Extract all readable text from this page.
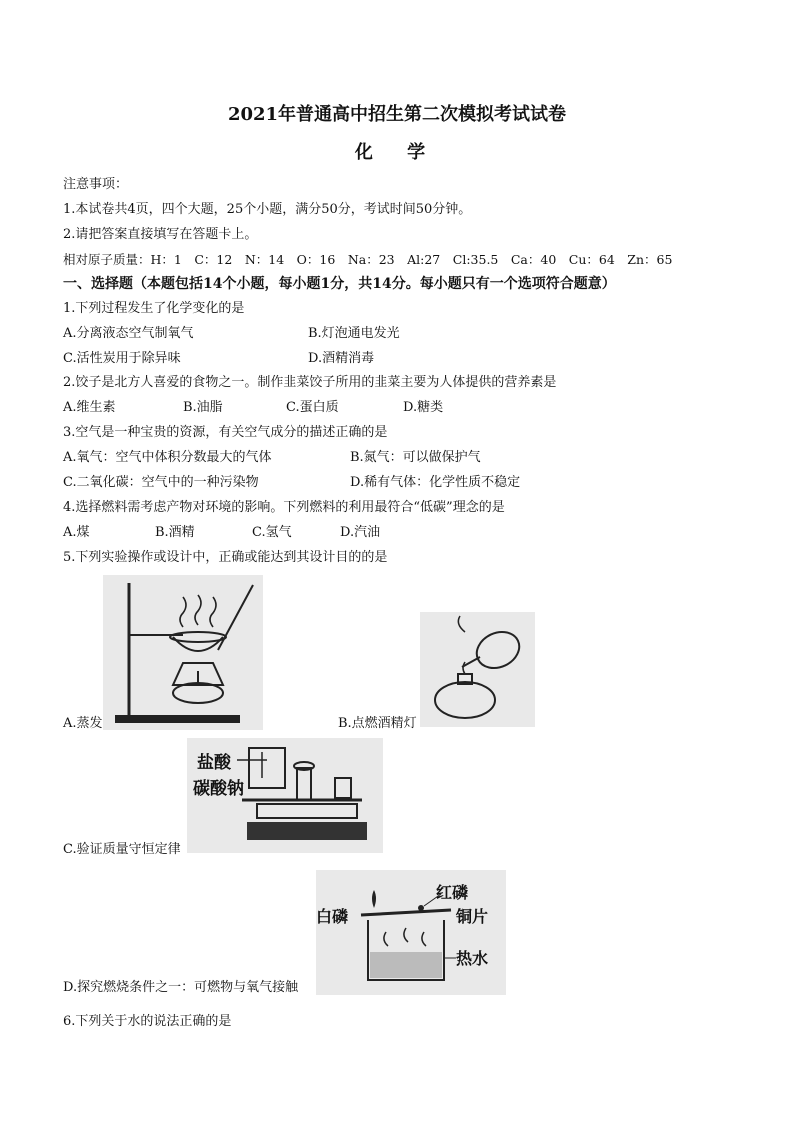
2021年普通高中招生第二次模拟考试试卷
化 学
注意事项：
1.本试卷共4页，四个大题，25个小题，满分50分，考试时间50分钟。
2.请把答案直接填写在答题卡上。
相对原子质量：H：1　C：12　N：14　O：16　Na：23　Al:27　Cl:35.5　Ca：40　Cu：64　Zn：65
一、选择题（本题包括14个小题，每小题1分，共14分。每小题只有一个选项符合题意）
1.下列过程发生了化学变化的是
A.分离液态空气制氧气	B.灯泡通电发光
C.活性炭用于除异味	D.酒精消毒
2.饺子是北方人喜爱的食物之一。制作韭菜饺子所用的韭菜主要为人体提供的营养素是
A.维生素	B.油脂	C.蛋白质	D.糖类
3.空气是一种宝贵的资源，有关空气成分的描述正确的是
A.氧气：空气中体积分数最大的气体	B.氮气：可以做保护气
C.二氧化碳：空气中的一种污染物	D.稀有气体：化学性质不稳定
4.选择燃料需考虑产物对环境的影响。下列燃料的利用最符合“低碳”理念的是
A.煤	B.酒精	C.氢气	D.汽油
5.下列实验操作或设计中，正确或能达到其设计目的的是
A.蒸发	B.点燃酒精灯
盐酸
碳酸钠
C.验证质量守恒定律
白磷
红磷
铜片
热水
D.探究燃烧条件之一：可燃物与氧气接触
6.下列关于水的说法正确的是
